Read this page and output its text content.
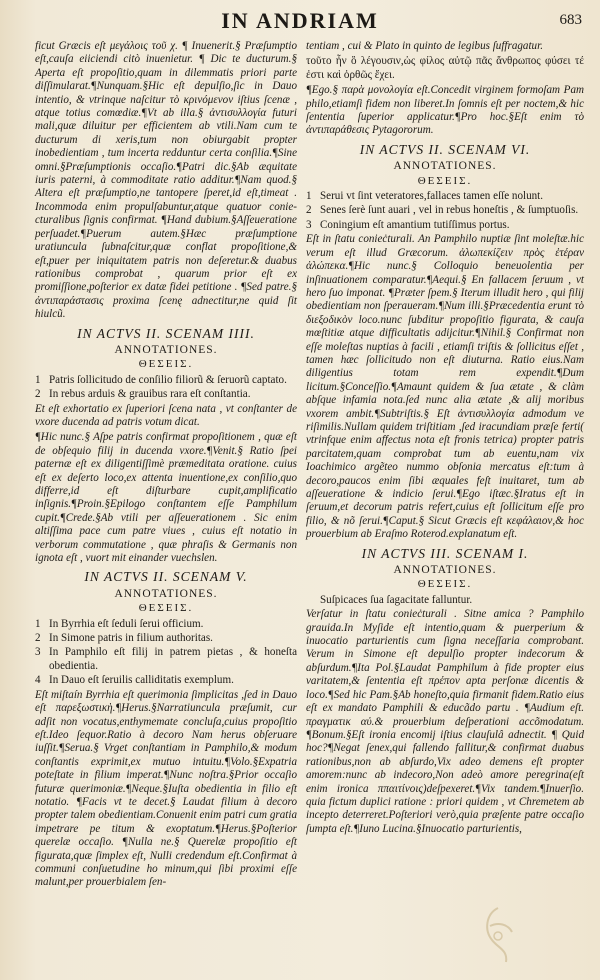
IN ANDRIAM	683

ficut Græcis eſt μεγάλοις τοῦ χ. ¶ Inuenerit.§ Præſumptio eſt,cauſa eiiciendi citò inuenietur. ¶ Dic te ducturum.§ Aperta eſt propoſitio,quam in dilemmatis priori parte diſſimularat.¶Nunquam.§Hic eſt depulſio,ſic in Dauo intentio, & vtrinque naſcitur τὸ κρινόμενον iſtius ſcenæ , atque totius comœdiæ.¶Vt ab illa.§ ἀντισυλλογία futuri mali,quæ diluitur per efficientem ab vtili.Nam cum te ducturum di xeris,tum non obiurgabit propter inobedientiam , tum incerta redduntur certa conſilia.¶Sine omni.§Præſumptionis occaſio.¶Patri dic.§Ab æquitate iuris paterni, à commoditate ratio additur.¶Nam quod.§ Altera eſt præſumptio,ne tantopere ſperet,id eſt,timeat . Incommoda enim propulſabuntur,atque quatuor coniecturalibus ſignis confirmat. ¶Hand dubium.§Aſſeueratione perſuadet.¶Puerum autem.§Hæc præſumptione uratiuncula ſubnaſcitur,quæ conflat propoſitione,& eſt,puer per iniquitatem patris non deſeretur.& duabus rationibus comprobat , quarum prior eſt ex promiſſione,poſterior ex datæ fidei petitione . ¶Sed patre.§ ἀντιπαράστασις proxima ſcenę adnectitur,ne quid ſit hiulcũ.

IN ACTVS II. SCENAM IIII.
ANNOTATIONES.
ΘΕΣΕΙΣ.
1 Patris ſollicitudo de conſilio filiorũ & ſeruorũ captato.
2 In rebus arduis & grauibus rara eſt conſtantia.

Et eſt exhortatio ex ſuperiori ſcena nata , vt conſtanter de vxore ducenda ad patris votum dicat.

¶Hic nunc.§ Aſpe patris confirmat propoſitionem , quæ eſt de obſequio filij in ducenda vxore.¶Venit.§ Ratio ſpei paternæ eſt ex diligentiſſimè præmeditata oratione. cuius eſt ex deſerto loco,ex attenta inuentione,ex conſilio,quo differre,id eſt diſturbare cupit,amplificatio inſignis.¶Proin.§Epilogo conſtantem eſſe Pamphilum cupit.¶Crede.§Ab vtili per aſſeuerationem . Sic enim altiſſima pace cum patre viues , cuius eſt notatio in verborum commutatione , quæ phraſis & Germanis non ignota eſt , vuort mit einander vuechslen.

IN ACTVS II. SCENAM V.
ANNOTATIONES.
ΘΕΣΕΙΣ.
1 In Byrrhia eſt ſeduli ſerui officium.
2 In Simone patris in filium authoritas.
3 In Pamphilo eſt filij in patrem pietas , & honeſta obedientia.
4 In Dauo eſt ſeruilis calliditatis exemplum.

Eſt miſtaín Byrrhia eſt querimonia ſimplicitas ,ſed in Dauo eſt παρεξωστικὴ.¶Herus.§Narratiuncula præſumit, cur adſit non vocatus,enthymemate concluſa,cuius propoſitio eſt.Ideo ſequor.Ratio à decoro Nam herus obſeruare iuſſit.¶Serua.§ Vrget conſtantiam in Pamphilo,& modum conſtantis exprimit,ex mutuo intuitu.¶Volo.§Expatria poteſtate in filium imperat.¶Nunc noſtra.§Prior occaſio futuræ querimoniæ.¶Neque.§Iuſta obedientia in filio eſt notatio. ¶Facis vt te decet.§ Laudat filium à decoro propter talem obedientiam.Conuenit enim patri cum gratia impetrare pe titum & exoptatum.¶Herus.§Poſterior querelæ occaſio. ¶Nulla ne.§ Querelæ propoſitio eſt figurata,quæ ſimplex eſt, Nulli credendum eſt.Confirmat à communi conſuetudine ho minum,qui ſibi proximi eſſe malunt,per prouerbialem ſen-

tentiam , cui & Plato in quinto de legibus ſuffragatur.

τοῦτο ἦν ὃ λέγουσιν,ὡς φίλος αὐτῷ πᾶς ἄνθρωπος φύσει τέ ἐστι καὶ ὀρθῶς ἔχει.

¶Ego.§ παρὰ μονολογία eſt.Concedit virginem formoſam Pam philo,etiamſi fidem non liberet.In ſomnis eſt per noctem,& hic ſententia ſuperior applicatur.¶Pro hoc.§Eſt enim τὸ ἀντιπαράθεσις Pytagororum.

IN ACTVS II. SCENAM VI.
ANNOTATIONES.
ΘΕΣΕΙΣ.
1 Serui vt ſint veteratores,fallaces tamen eſſe nolunt.
2 Senes ſerè ſunt auari , vel in rebus honeſtis , & ſumptuoſis.
3 Coningium eſt amantium tutiſſimus portus.

Eſt in ſtatu conieċturali. An Pamphilo nuptiæ ſint moleſtæ.hic verum eſt illud Græcorum. ἀλωπεκίζειν πρὸς ἑτέραν ἀλώπεκα.¶Hic nunc.§ Colloquio beneuolentia per inſinuationem comparatur.¶Aequi.§ En fallacem ſeruum , vt hero ſuo imponat. ¶Præter ſpem.§ Iterum illudit hero , qui filij obedientiam non ſperaueraт.¶Num illi.§Præcedentia erunt τὸ διεξοδικὸν loco.nunc ſubditur propoſitio figurata, & cauſa mœſtitiæ atque difficultatis adijcitur.¶Nihil.§ Confirmat non eſſe moleſtas nuptias à facili , etiamſi triſtis & ſollicitus eſſet , tamen hæc ſollicitudo non eſt diuturna. Ratio eius.Nam diligentius totam rem expendit.¶Dum licitum.§Conceſſio.¶Amaunt quidem & ſua ætate , & clàm abſque infamia nota.ſed nunc alia ætate ,& alij moribus vxorem ambit.¶Subtriſtis.§ Eſt ἀντισυλλογία admodum ve riſimilis.Nullam quidem triſtitiam ,ſed iracundiam præſe ferti( vtrinfque enim affectus nota eſt fronis tetrica) propter patris parcitatem,quam comprobat tum ab euentu,nam vix Ioachimico argẽteo nummo obſonia mercatus eſt:tum à decoro,paucos enim ſibi æquales feſt inuitaret, tum ab aſſeueratione & indicio ſerui.¶Ego iſtæc.§Iratus eſt in ſeruum,et decorum patris refert,cuius eſt ſollicitum eſſe pro filio, & nõ ſerui.¶Caput.§ Sicut Græcis eſt κεφάλαιον,& hoc prouerbium ab Eraſmo Roterod.explanatum eſt.

IN ACTVS III. SCENAM I.
ANNOTATIONES.
ΘΕΣΕΙΣ.
Suſpicaces ſua ſagacitate falluntur.

Verſatur in ſtatu conieċturali . Sitne amica ? Pamphilo grauida.In Myſide eſt intentio,quam & puerperium & inuocatio parturientis cum ſigna neceſſaria comprobant. Verum in Simone eſt depulſio propter indecorum & abſurdum.¶Ita Pol.§Laudat Pamphilum à fide propter eius varitatem,& ſententia eſt πρέπον apta perſonæ dicentis & loco.¶Sed hic Pam.§Ab honeſto,quia firmanit fidem.Ratio eius eſt ex mandato Pamphili & educãdo partu . ¶Audium eſt. πραγματικ αὐ.& prouerbium deſperationi accõmodatum. ¶Bonum.§Eſt ironia encomij iſtius clauſulâ adnectit. ¶ Quid hoc?¶Negat ſenex,qui fallendo fallitur,& confirmat duabus rationibus,non ab abſurdo,Vix adeo demens eſt propter amorem:nunc ab indecoro,Non adeò amore peregrina(eſt enim ironica ππαιτίνοις)deſpexeret.¶Vix tandem.¶Inuerſio. quia fictum duplici ratione : priori quidem , vt Chremetem ab incepto deterreret.Poſteriori verò,quia præſente patre occaſio ſumpta eſt.¶Iuno Lucina.§Inuocatio parturientis,
